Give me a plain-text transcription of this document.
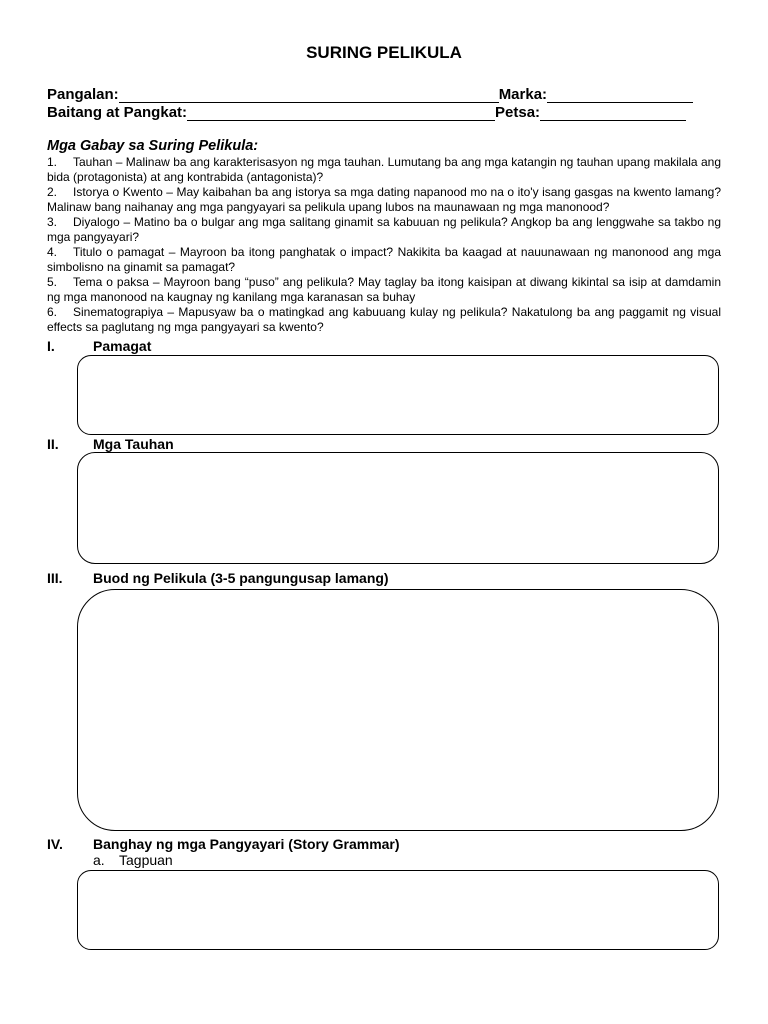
SURING PELIKULA
Pangalan:	Marka:
Baitang at Pangkat:	Petsa:
Mga Gabay sa Suring Pelikula:

1. Tauhan – Malinaw ba ang karakterisasyon ng mga tauhan. Lumutang ba ang mga katangin ng tauhan upang makilala ang bida (protagonista) at ang kontrabida (antagonista)?

2. Istorya o Kwento – May kaibahan ba ang istorya sa mga dating napanood mo na o ito'y isang gasgas na kwento lamang? Malinaw bang naihanay ang mga pangyayari sa pelikula upang lubos na maunawaan ng mga manonood?

3. Diyalogo – Matino ba o bulgar ang mga salitang ginamit sa kabuuan ng pelikula? Angkop ba ang lenggwahe sa takbo ng mga pangyayari?

4. Titulo o pamagat – Mayroon ba itong panghatak o impact? Nakikita ba kaagad at nauunawaan ng manonood ang mga simbolisno na ginamit sa pamagat?

5. Tema o paksa – Mayroon bang “puso” ang pelikula? May taglay ba itong kaisipan at diwang kikintal sa isip at damdamin ng mga manonood na kaugnay ng kanilang mga karanasan sa buhay

6. Sinematograpiya – Mapusyaw ba o matingkad ang kabuuang kulay ng pelikula? Nakatulong ba ang paggamit ng visual effects sa paglutang ng mga pangyayari sa kwento?

I.	Pamagat
II. Mga Tauhan
III. Buod ng Pelikula (3-5 pangungusap lamang)
IV. Banghay ng mga Pangyayari (Story Grammar)
a. Tagpuan
